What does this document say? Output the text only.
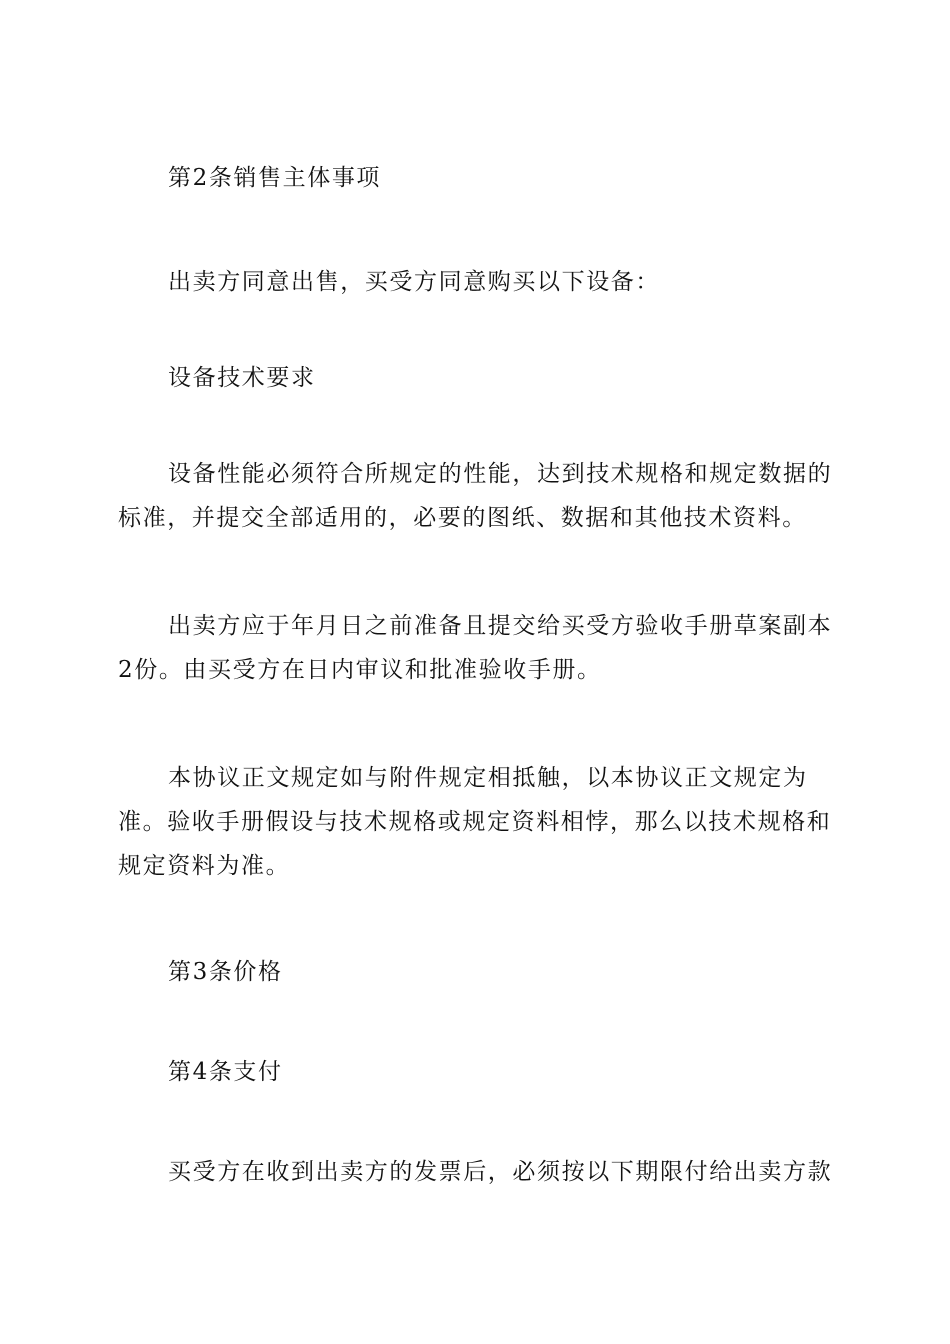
第2条销售主体事项

出卖方同意出售，买受方同意购买以下设备：

设备技术要求

设备性能必须符合所规定的性能，达到技术规格和规定数据的标准，并提交全部适用的，必要的图纸、数据和其他技术资料。

出卖方应于年月日之前准备且提交给买受方验收手册草案副本2份。由买受方在日内审议和批准验收手册。

本协议正文规定如与附件规定相抵触，以本协议正文规定为准。验收手册假设与技术规格或规定资料相悖，那么以技术规格和规定资料为准。

第3条价格

第4条支付

买受方在收到出卖方的发票后，必须按以下期限付给出卖方款
